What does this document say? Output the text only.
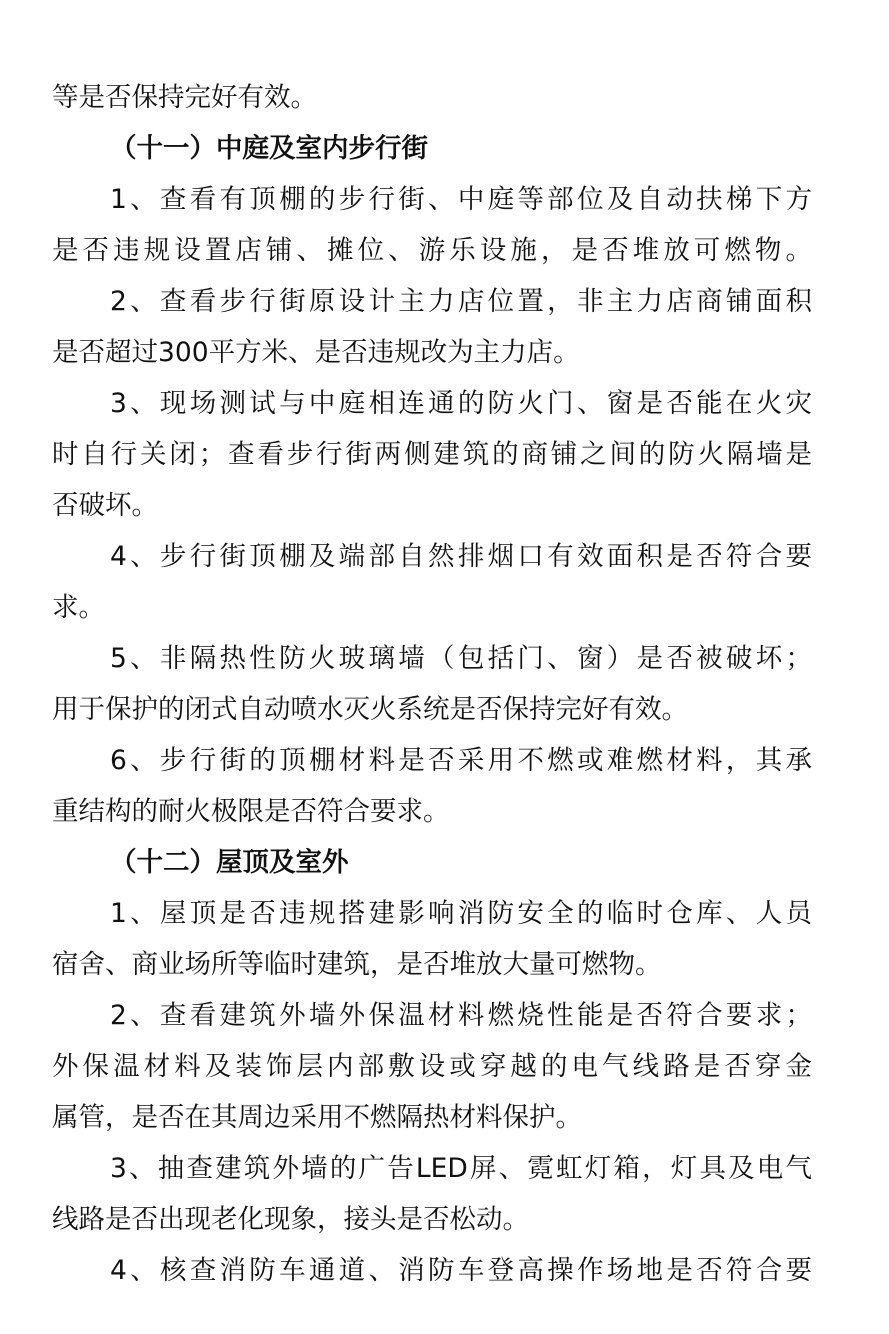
等是否保持完好有效。
（十一）中庭及室内步行街
1、查看有顶棚的步行街、中庭等部位及自动扶梯下方
是否违规设置店铺、摊位、游乐设施，是否堆放可燃物。
2、查看步行街原设计主力店位置，非主力店商铺面积
是否超过300平方米、是否违规改为主力店。
3、现场测试与中庭相连通的防火门、窗是否能在火灾
时自行关闭；查看步行街两侧建筑的商铺之间的防火隔墙是
否破坏。
4、步行街顶棚及端部自然排烟口有效面积是否符合要
求。
5、非隔热性防火玻璃墙（包括门、窗）是否被破坏；
用于保护的闭式自动喷水灭火系统是否保持完好有效。
6、步行街的顶棚材料是否采用不燃或难燃材料，其承
重结构的耐火极限是否符合要求。
（十二）屋顶及室外
1、屋顶是否违规搭建影响消防安全的临时仓库、人员
宿舍、商业场所等临时建筑，是否堆放大量可燃物。
2、查看建筑外墙外保温材料燃烧性能是否符合要求；
外保温材料及装饰层内部敷设或穿越的电气线路是否穿金
属管，是否在其周边采用不燃隔热材料保护。
3、抽查建筑外墙的广告LED屏、霓虹灯箱，灯具及电气
线路是否出现老化现象，接头是否松动。
4、核查消防车通道、消防车登高操作场地是否符合要
